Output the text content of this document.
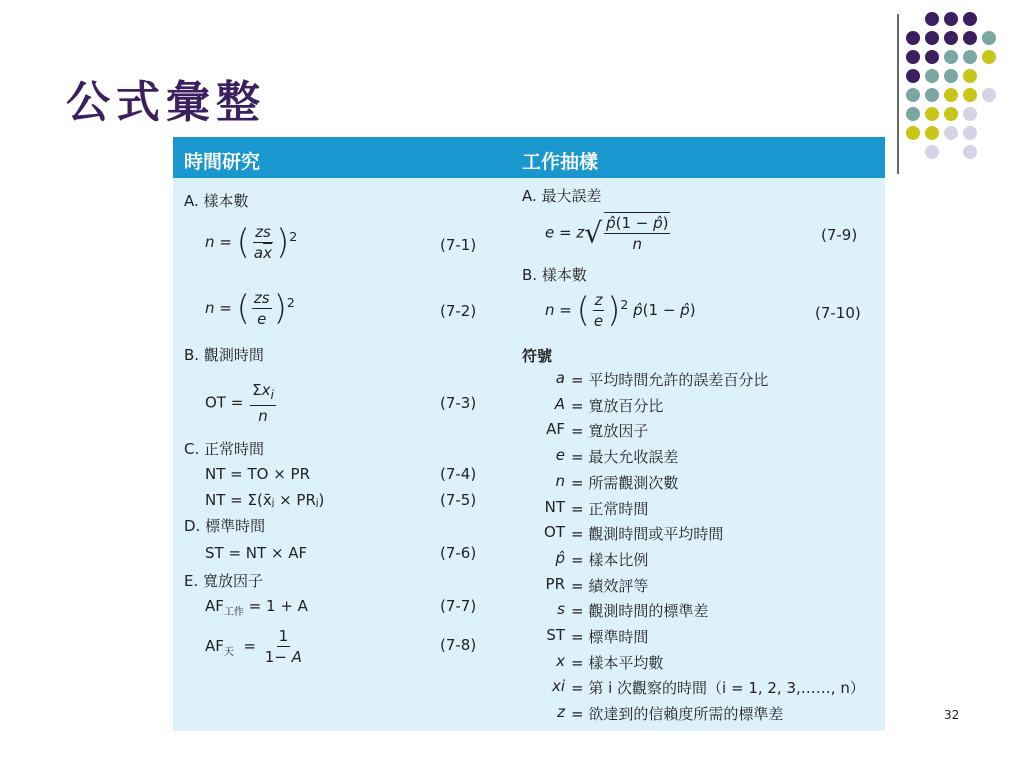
公式彙整
時間研究	工作抽樣
A. 樣本數
n = ( $\frac{zs}{a\overline{x}} )^2$	(7-1)
n = ( $\frac{zs}{e} )^2$	(7-2)
B. 觀測時間
OT = $\frac{\Sigma x_i}{n}$	(7-3)
C. 正常時間
NT = TO × PR	(7-4)
NT = Σ(x̄ⱼ × PRⱼ)	(7-5)
D. 標準時間
ST = NT × AF	(7-6)
E. 寬放因子
$AF_{工作} = 1 + A$	(7-7)
$AF_天 = \frac{1}{1- A}$	(7-8)
A. 最大誤差
$e = z√ \frac{p̂(1 - p̂)}{n}$	(7-9)
B. 樣本數
n = ( $\frac{z}{e} )^2$ p̂(1 − p̂)	(7-10)
符號
a = 平均時間允許的誤差百分比
A = 寬放百分比
AF = 寬放因子
e = 最大允收誤差
n = 所需觀測次數
NT = 正常時間
OT = 觀測時間或平均時間
p̂ = 樣本比例
PR = 績效評等
s = 觀測時間的標準差
ST = 標準時間
x = 樣本平均數
xi = 第 i 次觀察的時間（i = 1, 2, 3,……, n）
z = 欲達到的信賴度所需的標準差	32
